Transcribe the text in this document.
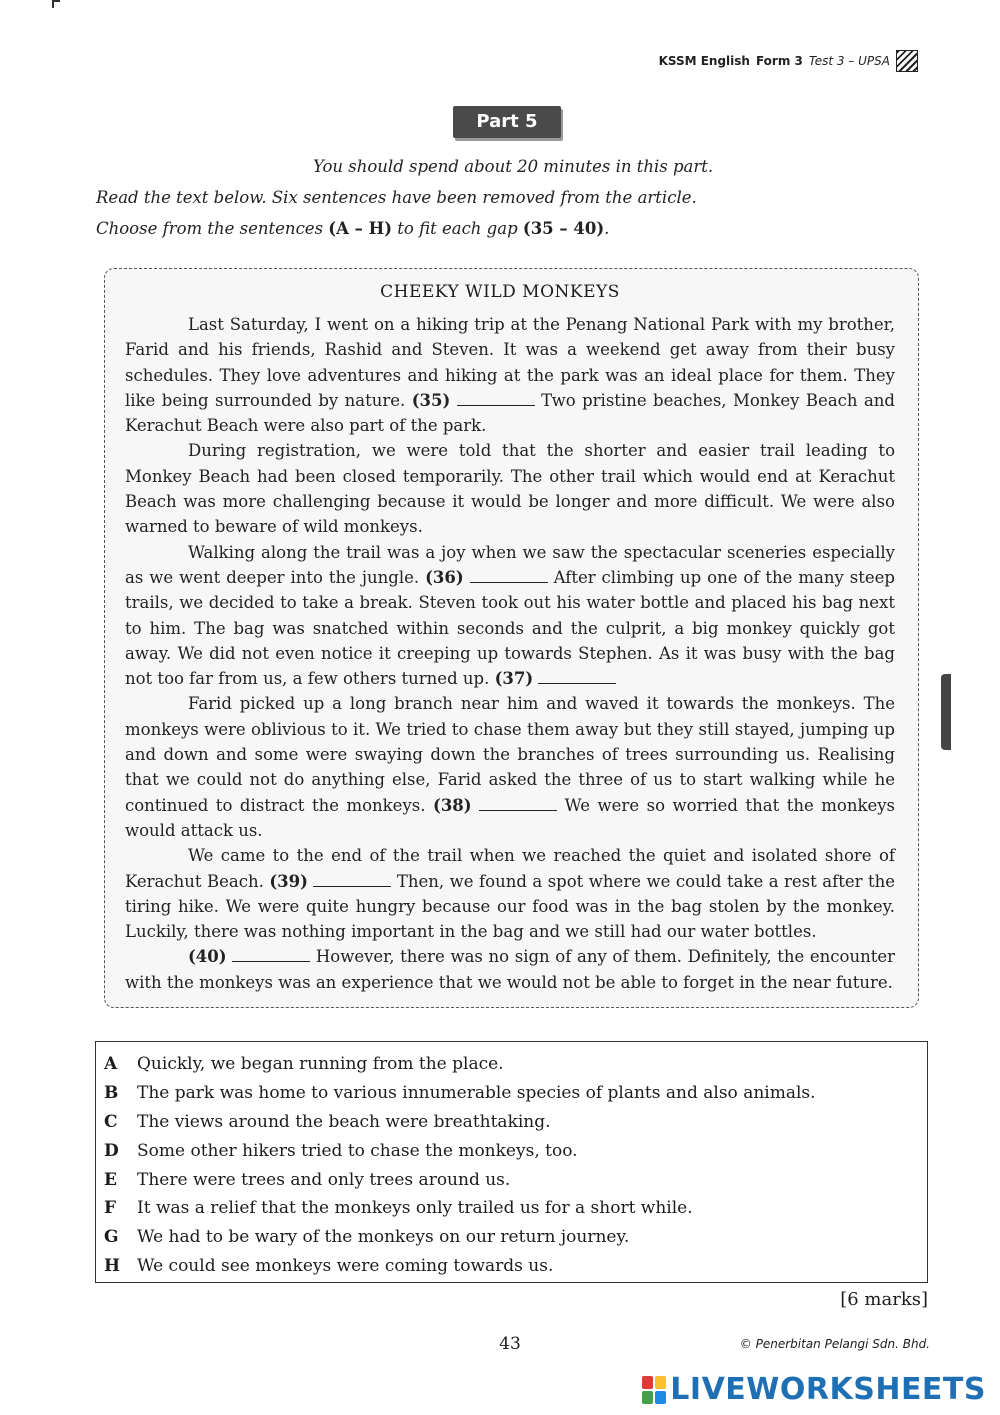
KSSM English Form 3 Test 3 – UPSA
Part 5
You should spend about 20 minutes in this part.
Read the text below. Six sentences have been removed from the article.
Choose from the sentences (A – H) to fit each gap (35 – 40).
CHEEKY WILD MONKEYS

Last Saturday, I went on a hiking trip at the Penang National Park with my brother, Farid and his friends, Rashid and Steven. It was a weekend get away from their busy schedules. They love adventures and hiking at the park was an ideal place for them. They like being surrounded by nature. (35)	Two pristine beaches, Monkey Beach and Kerachut Beach were also part of the park.

During registration, we were told that the shorter and easier trail leading to Monkey Beach had been closed temporarily. The other trail which would end at Kerachut Beach was more challenging because it would be longer and more difficult. We were also warned to beware of wild monkeys.

Walking along the trail was a joy when we saw the spectacular sceneries especially as we went deeper into the jungle. (36)	After climbing up one of the many steep trails, we decided to take a break. Steven took out his water bottle and placed his bag next to him. The bag was snatched within seconds and the culprit, a big monkey quickly got away. We did not even notice it creeping up towards Stephen. As it was busy with the bag not too far from us, a few others turned up. (37)

Farid picked up a long branch near him and waved it towards the monkeys. The monkeys were oblivious to it. We tried to chase them away but they still stayed, jumping up and down and some were swaying down the branches of trees surrounding us. Realising that we could not do anything else, Farid asked the three of us to start walking while he continued to distract the monkeys. (38)	We were so worried that the monkeys would attack us.

We came to the end of the trail when we reached the quiet and isolated shore of Kerachut Beach. (39)	Then, we found a spot where we could take a rest after the tiring hike. We were quite hungry because our food was in the bag stolen by the monkey. Luckily, there was nothing important in the bag and we still had our water bottles.

(40)	However, there was no sign of any of them. Definitely, the encounter with the monkeys was an experience that we would not be able to forget in the near future.

A	Quickly, we began running from the place.
B	The park was home to various innumerable species of plants and also animals.
C	The views around the beach were breathtaking.
D	Some other hikers tried to chase the monkeys, too.
E	There were trees and only trees around us.
F	It was a relief that the monkeys only trailed us for a short while.
G	We had to be wary of the monkeys on our return journey.
H We could see monkeys were coming towards us.
[6 marks]
43	© Penerbitan Pelangi Sdn. Bhd.
LIVEWORKSHEETS
